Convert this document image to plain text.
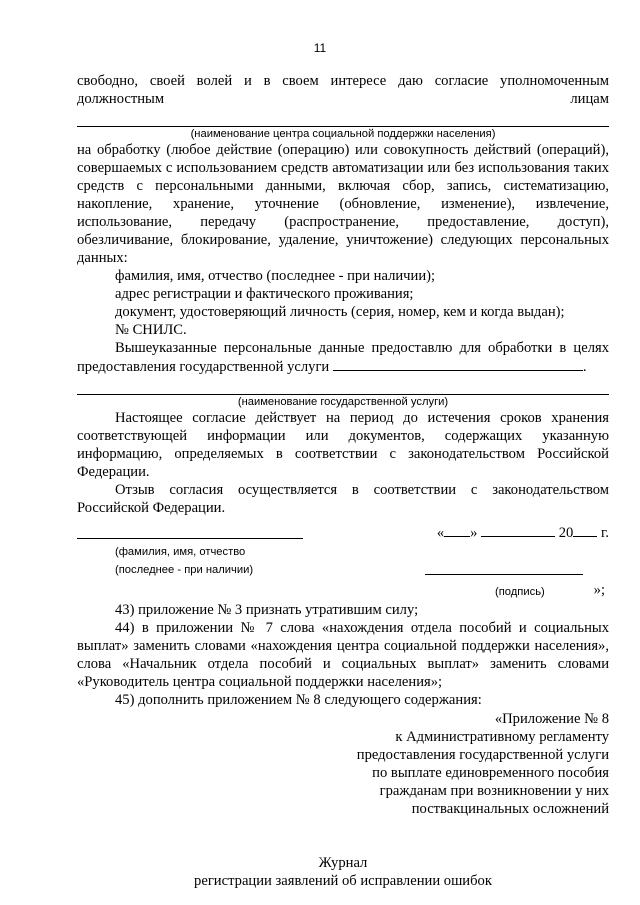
11
свободно, своей волей и в своем интересе даю согласие уполномоченным
должностным	лицам
(наименование центра социальной поддержки населения)
на обработку (любое действие (операцию) или совокупность действий (операций), совершаемых с использованием средств автоматизации или без использования таких средств с персональными данными, включая сбор, запись, систематизацию, накопление, хранение, уточнение (обновление, изменение), извлечение, использование, передачу (распространение, предоставление, доступ), обезличивание, блокирование, удаление, уничтожение) следующих персональных данных:
фамилия, имя, отчество (последнее - при наличии);
адрес регистрации и фактического проживания;
документ, удостоверяющий личность (серия, номер, кем и когда выдан);
№ СНИЛС.
Вышеуказанные персональные данные предоставлю для обработки в целях предоставления государственной услуги	.
(наименование государственной услуги)
Настоящее согласие действует на период до истечения сроков хранения соответствующей информации или документов, содержащих указанную информацию, определяемых в соответствии с законодательством Российской Федерации.
Отзыв согласия осуществляется в соответствии с законодательством Российской Федерации.
« »	20 г.
(фамилия, имя, отчество
(последнее - при наличии)
(подпись)	»;
43) приложение № 3 признать утратившим силу;
44) в приложении № 7 слова «нахождения отдела пособий и социальных выплат» заменить словами «нахождения центра социальной поддержки населения», слова «Начальник отдела пособий и социальных выплат» заменить словами «Руководитель центра социальной поддержки населения»;
45) дополнить приложением № 8 следующего содержания:
«Приложение № 8
к Административному регламенту
предоставления государственной услуги
по выплате единовременного пособия
гражданам при возникновении у них
поствакцинальных осложнений
Журнал
регистрации заявлений об исправлении ошибок
